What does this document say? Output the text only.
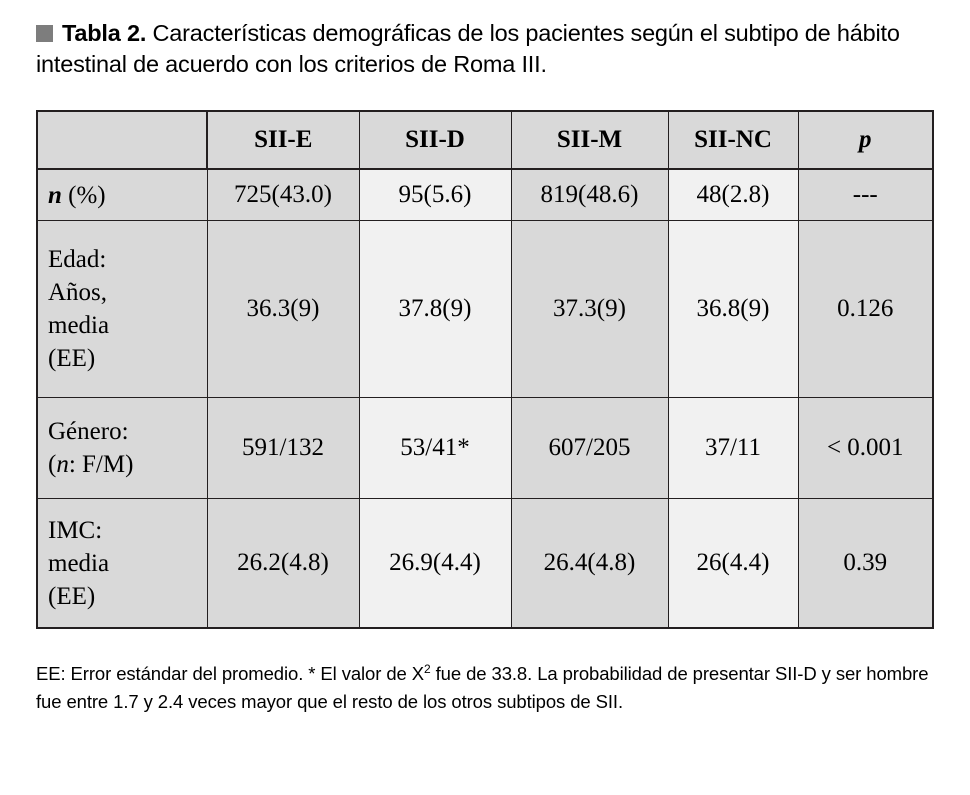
Tabla 2. Características demográficas de los pacientes según el subtipo de hábito intestinal de acuerdo con los criterios de Roma III.

	SII-E	SII-D	SII-M	SII-NC	p
n (%)	725(43.0)	95(5.6)	819(48.6)	48(2.8)	---

Edad:
Años,
media
(EE)	36.3(9)	37.8(9)	37.3(9)	36.8(9)	0.126

Género:
(n: F/M)	591/132	53/41*	607/205	37/11	< 0.001

IMC:
media
(EE)	26.2(4.8)	26.9(4.4)	26.4(4.8)	26(4.4)	0.39

EE: Error estándar del promedio. * El valor de $X^2$ fue de 33.8. La probabilidad de presentar SII-D y ser hombre fue entre 1.7 y 2.4 veces mayor que el resto de los otros subtipos de SII.
